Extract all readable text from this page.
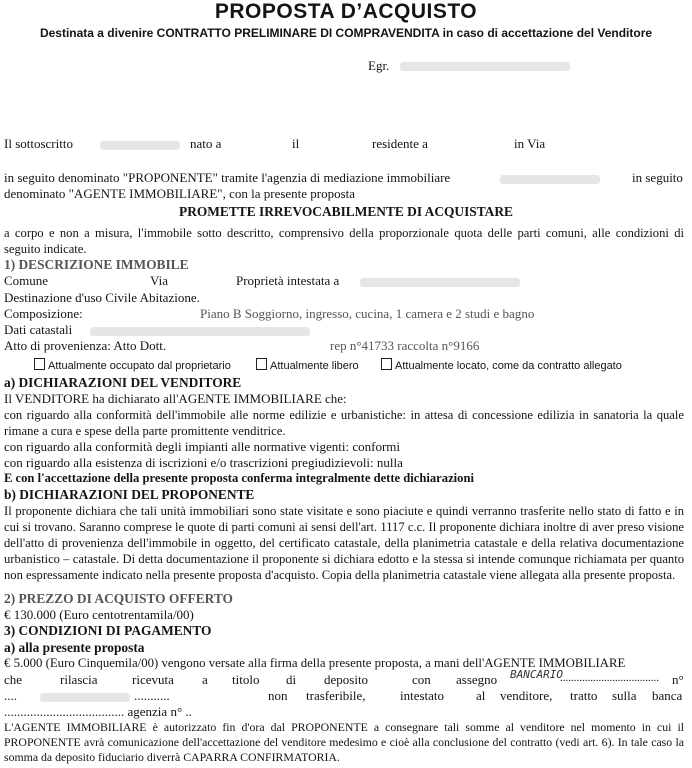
PROPOSTA D’ACQUISTO
Destinata a divenire CONTRATTO PRELIMINARE DI COMPRAVENDITA in caso di accettazione del Venditore
Egr.
Il sottoscritto	nato a	il	residente a	in Via
in seguito denominato "PROPONENTE" tramite l'agenzia di mediazione immobiliare	in seguito
denominato "AGENTE IMMOBILIARE", con la presente proposta
PROMETTE IRREVOCABILMENTE DI ACQUISTARE
a corpo e non a misura, l'immobile sotto descritto, comprensivo della proporzionale quota delle parti comuni, alle condizioni di seguito indicate.
1) DESCRIZIONE IMMOBILE
Comune	Via	Proprietà intestata a
Destinazione d'uso Civile Abitazione.
Composizione:	Piano B Soggiorno, ingresso, cucina, 1 camera e 2 studi e bagno
Dati catastali
Atto di provenienza: Atto Dott.	rep n°41733 raccolta n°9166
Attualmente occupato dal proprietario	Attualmente libero	Attualmente locato, come da contratto allegato
a) DICHIARAZIONI DEL VENDITORE
Il VENDITORE ha dichiarato all'AGENTE IMMOBILIARE che:
con riguardo alla conformità dell'immobile alle norme edilizie e urbanistiche: in attesa di concessione edilizia in sanatoria la quale rimane a cura e spese della parte promittente venditrice.
con riguardo alla conformità degli impianti alle normative vigenti: conformi
con riguardo alla esistenza di iscrizioni e/o trascrizioni pregiudizievoli: nulla
E con l'accettazione della presente proposta conferma integralmente dette dichiarazioni
b) DICHIARAZIONI DEL PROPONENTE
Il proponente dichiara che tali unità immobiliari sono state visitate e sono piaciute e quindi verranno trasferite nello stato di fatto e in cui si trovano. Saranno comprese le quote di parti comuni ai sensi dell'art. 1117 c.c. Il proponente dichiara inoltre di aver preso visione dell'atto di provenienza dell'immobile in oggetto, del certificato catastale, della planimetria catastale e della relativa documentazione urbanistico – catastale. Di detta documentazione il proponente si dichiara edotto e la stessa si intende comunque richiamata per quanto non espressamente indicato nella presente proposta d'acquisto. Copia della planimetria catastale viene allegata alla presente proposta.
2) PREZZO DI ACQUISTO OFFERTO
€ 130.000 (Euro centotrentamila/00)
3) CONDIZIONI DI PAGAMENTO
a) alla presente proposta
€ 5.000 (Euro Cinquemila/00) vengono versate alla firma della presente proposta, a mani dell'AGENTE IMMOBILIARE
che	rilascia	ricevuta a titolo di deposito	con assegno BANCARIO
.................................... n°
....	...........	non trasferibile,	intestato al venditore, tratto sulla banca
..................................... agenzia n° ..
L'AGENTE IMMOBILIARE è autorizzato fin d'ora dal PROPONENTE a consegnare tali somme al venditore nel momento in cui il PROPONENTE avrà comunicazione dell'accettazione del venditore medesimo e cioè alla conclusione del contratto (vedi art. 6). In tale caso la somma da deposito fiduciario diverrà CAPARRA CONFIRMATORIA.
